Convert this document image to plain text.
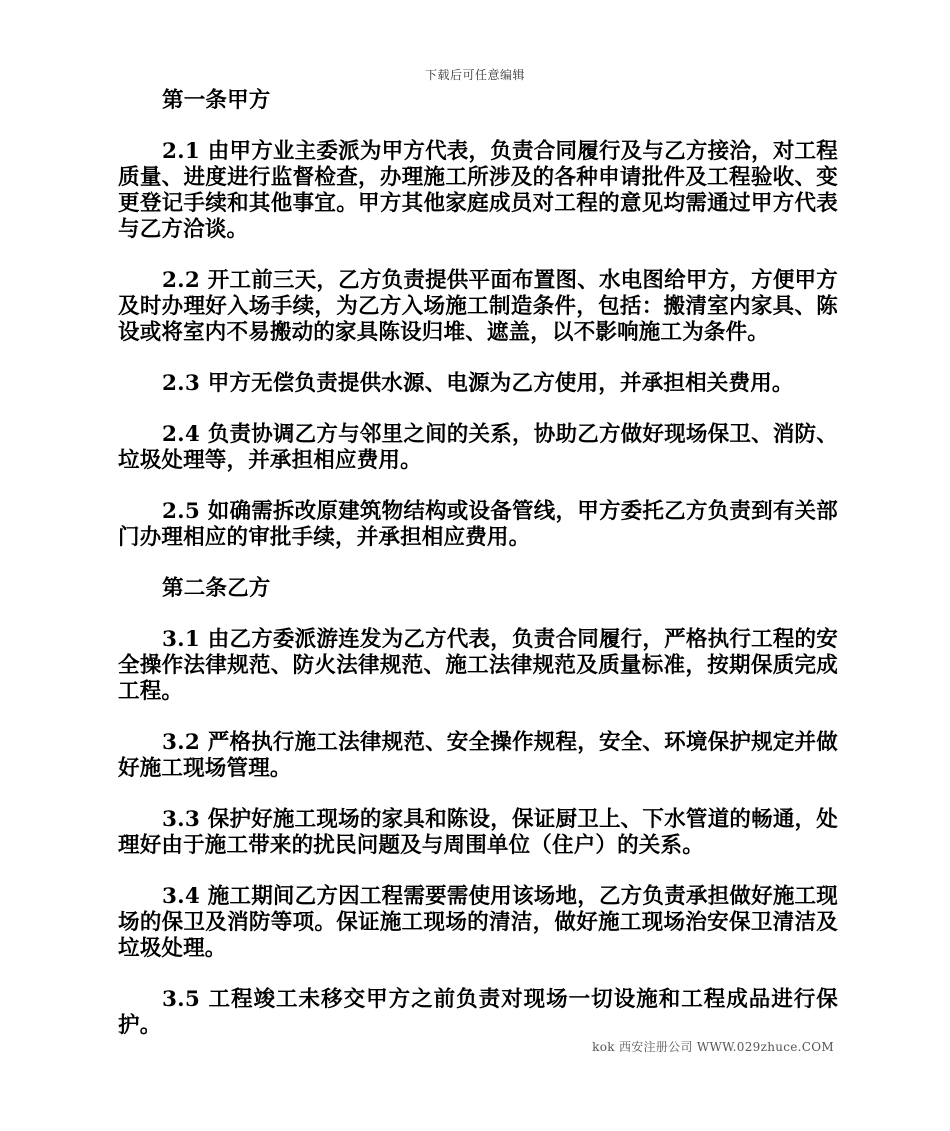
下载后可任意编辑

第一条甲方

2.1 由甲方业主委派为甲方代表，负责合同履行及与乙方接洽，对工程质量、进度进行监督检查，办理施工所涉及的各种申请批件及工程验收、变更登记手续和其他事宜。甲方其他家庭成员对工程的意见均需通过甲方代表与乙方洽谈。

2.2 开工前三天，乙方负责提供平面布置图、水电图给甲方，方便甲方及时办理好入场手续，为乙方入场施工制造条件，包括：搬清室内家具、陈设或将室内不易搬动的家具陈设归堆、遮盖，以不影响施工为条件。

2.3 甲方无偿负责提供水源、电源为乙方使用，并承担相关费用。

2.4 负责协调乙方与邻里之间的关系，协助乙方做好现场保卫、消防、垃圾处理等，并承担相应费用。

2.5 如确需拆改原建筑物结构或设备管线，甲方委托乙方负责到有关部门办理相应的审批手续，并承担相应费用。

第二条乙方

3.1 由乙方委派游连发为乙方代表，负责合同履行，严格执行工程的安全操作法律规范、防火法律规范、施工法律规范及质量标准，按期保质完成工程。

3.2 严格执行施工法律规范、安全操作规程，安全、环境保护规定并做好施工现场管理。

3.3 保护好施工现场的家具和陈设，保证厨卫上、下水管道的畅通，处理好由于施工带来的扰民问题及与周围单位（住户）的关系。

3.4 施工期间乙方因工程需要需使用该场地，乙方负责承担做好施工现场的保卫及消防等项。保证施工现场的清洁，做好施工现场治安保卫清洁及垃圾处理。

3.5 工程竣工未移交甲方之前负责对现场一切设施和工程成品进行保护。

kok 西安注册公司 WWW.029zhuce.COM
